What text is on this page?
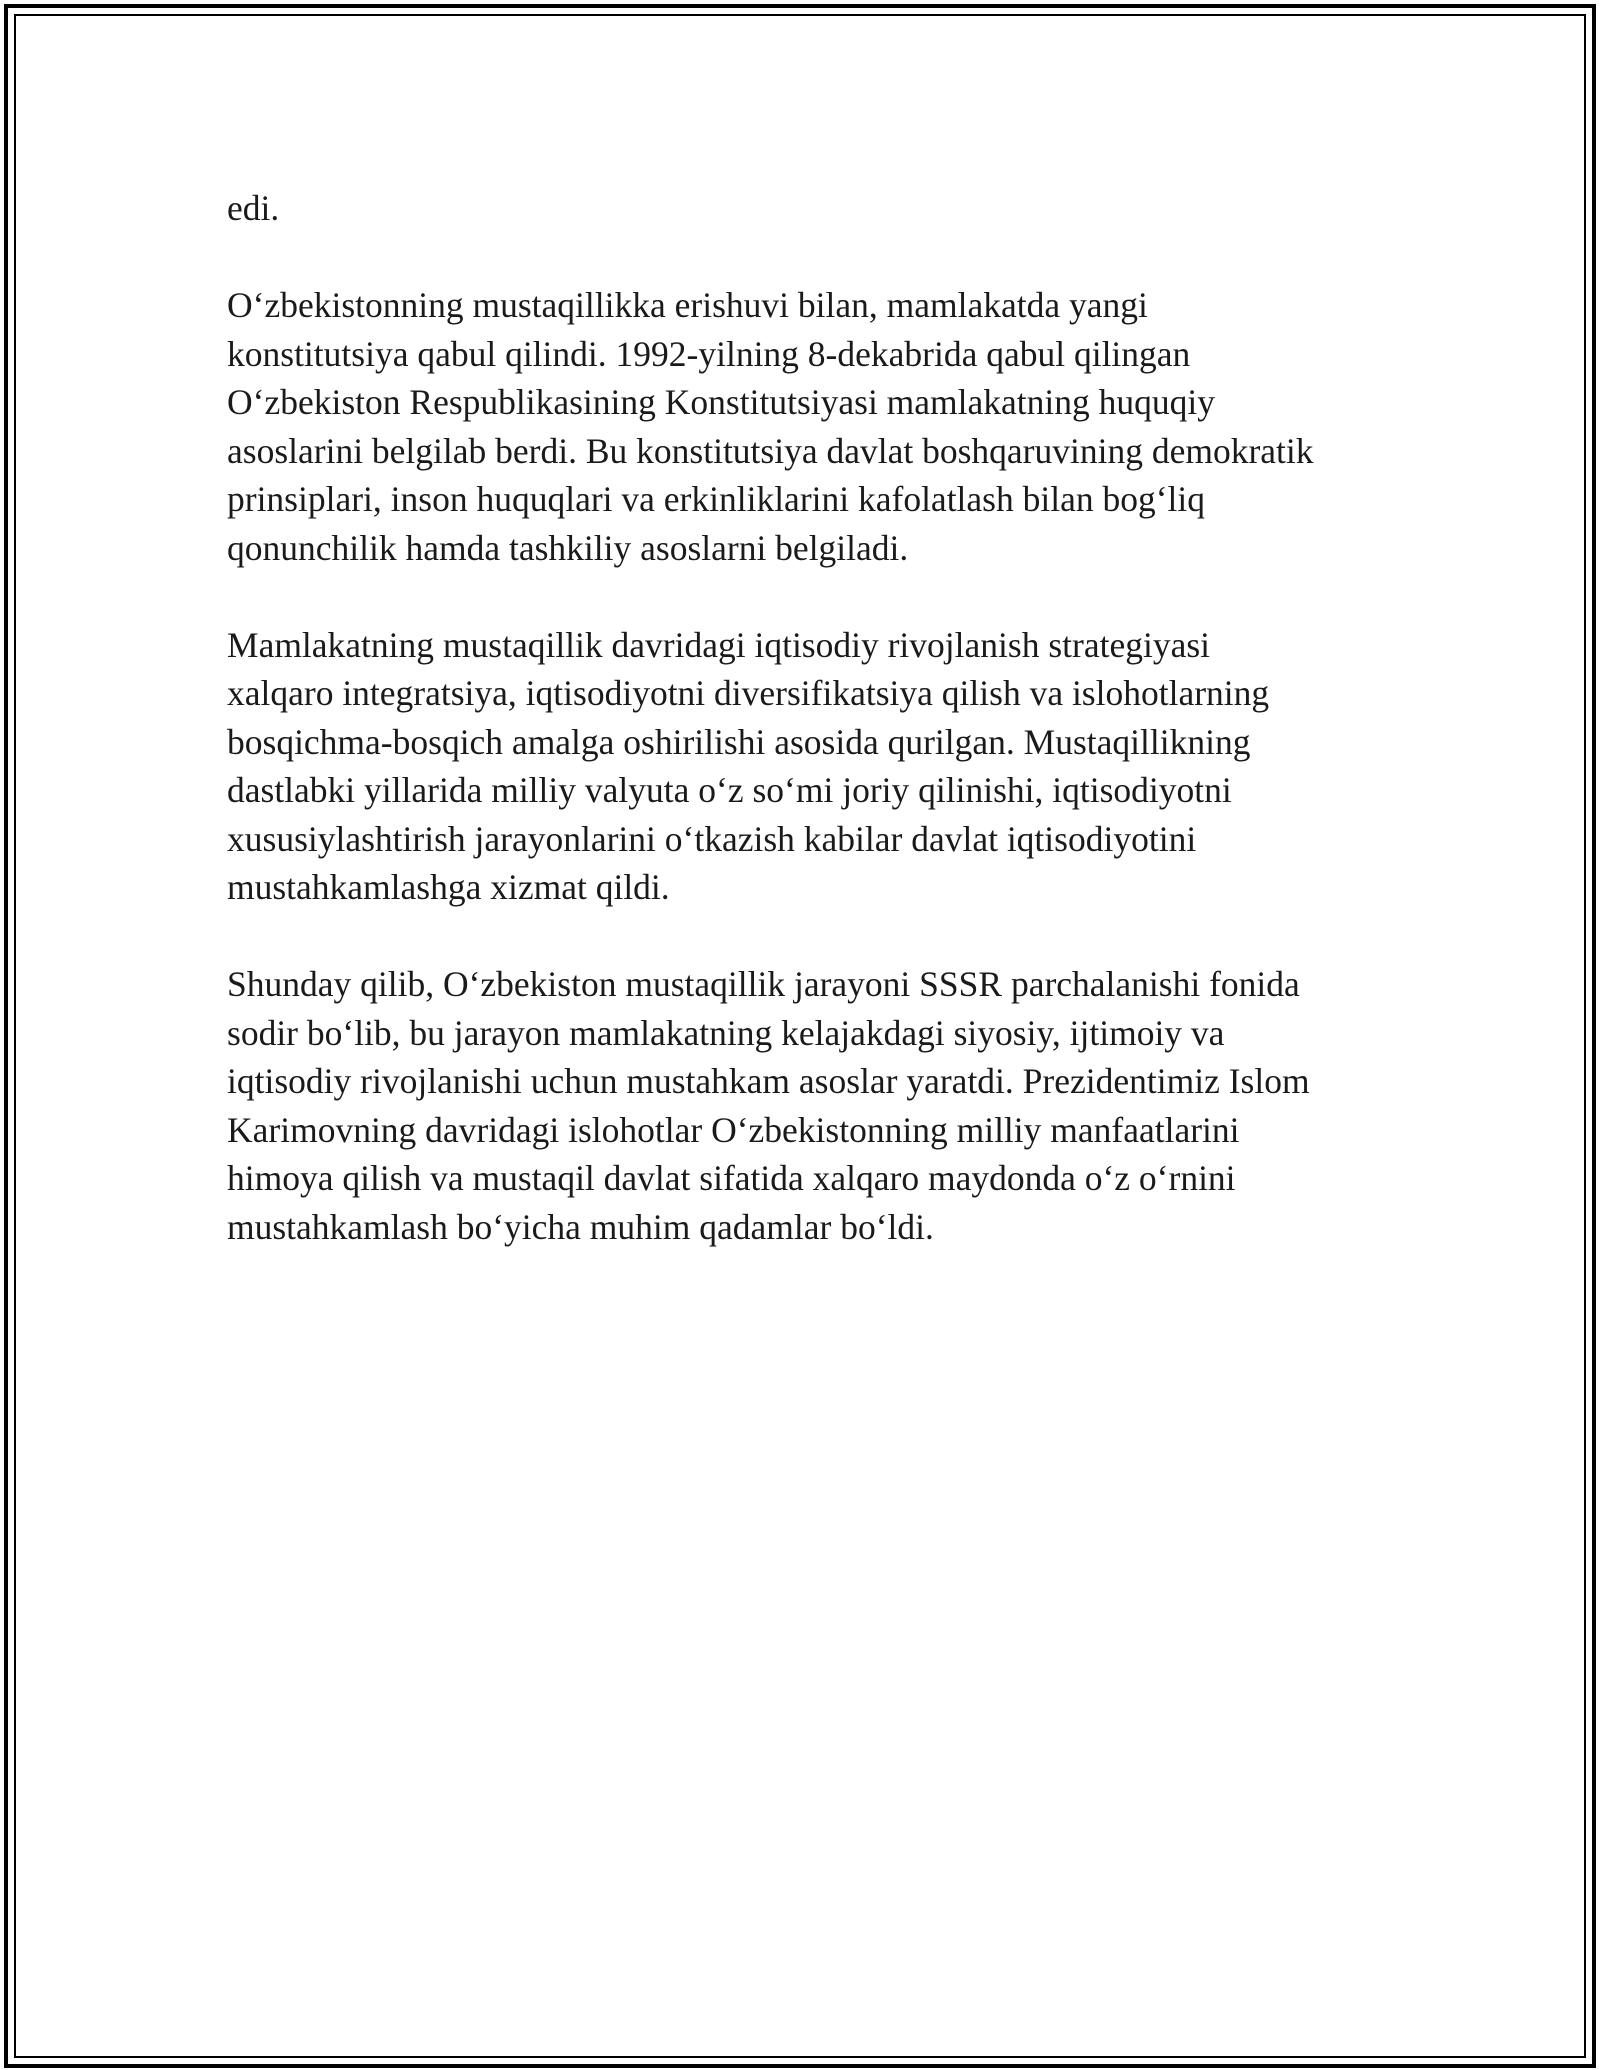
edi.

O‘zbekistonning mustaqillikka erishuvi bilan, mamlakatda yangi
konstitutsiya qabul qilindi. 1992-yilning 8-dekabrida qabul qilingan
O‘zbekiston Respublikasining Konstitutsiyasi mamlakatning huquqiy
asoslarini belgilab berdi. Bu konstitutsiya davlat boshqaruvining demokratik
prinsiplari, inson huquqlari va erkinliklarini kafolatlash bilan bog‘liq
qonunchilik hamda tashkiliy asoslarni belgiladi.

Mamlakatning mustaqillik davridagi iqtisodiy rivojlanish strategiyasi
xalqaro integratsiya, iqtisodiyotni diversifikatsiya qilish va islohotlarning
bosqichma-bosqich amalga oshirilishi asosida qurilgan. Mustaqillikning
dastlabki yillarida milliy valyuta o‘z so‘mi joriy qilinishi, iqtisodiyotni
xususiylashtirish jarayonlarini o‘tkazish kabilar davlat iqtisodiyotini
mustahkamlashga xizmat qildi.

Shunday qilib, O‘zbekiston mustaqillik jarayoni SSSR parchalanishi fonida
sodir bo‘lib, bu jarayon mamlakatning kelajakdagi siyosiy, ijtimoiy va
iqtisodiy rivojlanishi uchun mustahkam asoslar yaratdi. Prezidentimiz Islom
Karimovning davridagi islohotlar O‘zbekistonning milliy manfaatlarini
himoya qilish va mustaqil davlat sifatida xalqaro maydonda o‘z o‘rnini
mustahkamlash bo‘yicha muhim qadamlar bo‘ldi.
